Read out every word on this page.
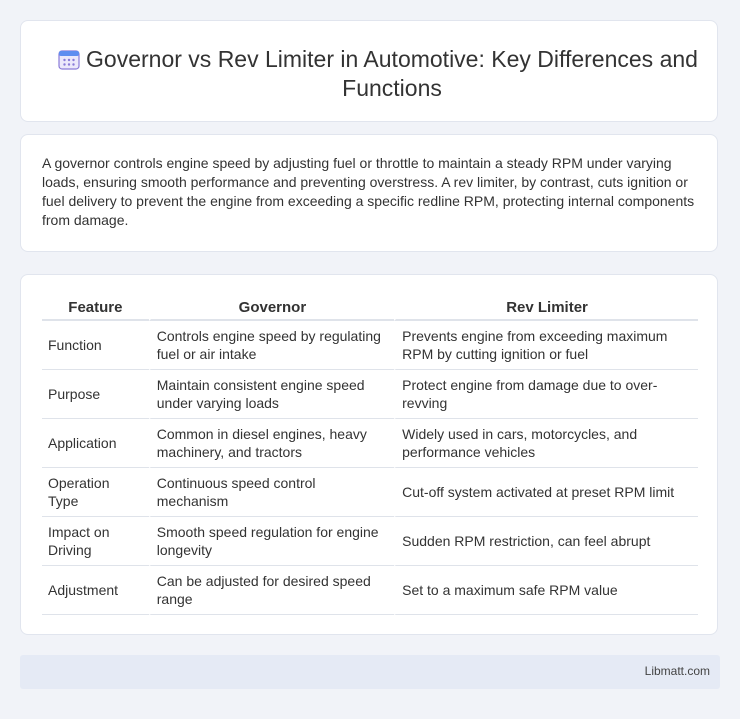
Governor vs Rev Limiter in Automotive: Key Differences and Functions

A governor controls engine speed by adjusting fuel or throttle to maintain a steady RPM under varying loads, ensuring smooth performance and preventing overstress. A rev limiter, by contrast, cuts ignition or fuel delivery to prevent the engine from exceeding a specific redline RPM, protecting internal components from damage.

Feature	Governor	Rev Limiter
Function	Controls engine speed by regulating fuel or air intake	Prevents engine from exceeding maximum RPM by cutting ignition or fuel
Purpose	Maintain consistent engine speed under varying loads	Protect engine from damage due to over-revving
Application	Common in diesel engines, heavy machinery, and tractors	Widely used in cars, motorcycles, and performance vehicles
Operation Type	Continuous speed control mechanism	Cut-off system activated at preset RPM limit
Impact on Driving	Smooth speed regulation for engine longevity	Sudden RPM restriction, can feel abrupt
Adjustment	Can be adjusted for desired speed range	Set to a maximum safe RPM value
Libmatt.com
